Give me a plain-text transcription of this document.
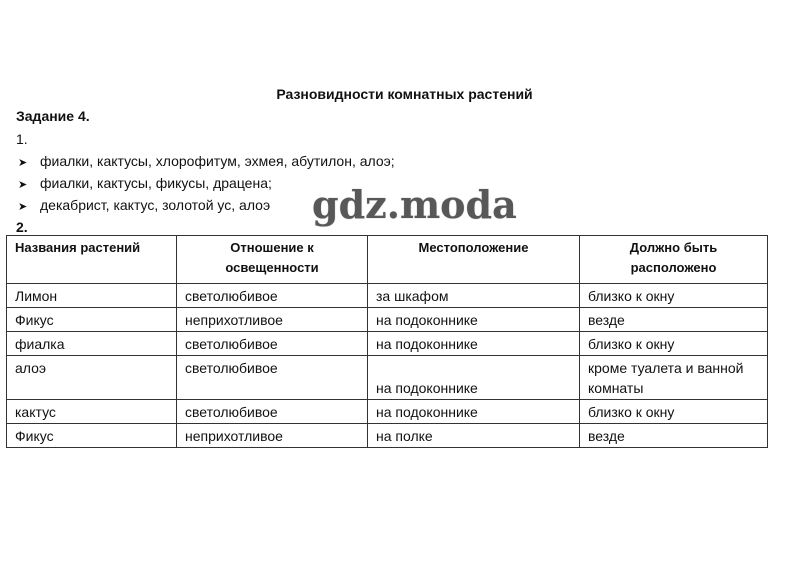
Разновидности комнатных растений
Задание 4.
1.
➤ фиалки, кактусы, хлорофитум, эхмея, абутилон, алоэ;
➤ фиалки, кактусы, фикусы, драцена;
➤ декабрист, кактус, золотой ус, алоэ
2.
Названия растений	Отношение к освещенности	Местоположение	Должно быть расположено
Лимон	светолюбивое	за шкафом	близко к окну
Фикус	неприхотливое	на подоконнике	везде
фиалка	светолюбивое	на подоконнике	близко к окну
алоэ	светолюбивое	на подоконнике	кроме туалета и ванной комнаты
кактус	светолюбивое	на подоконнике	близко к окну
Фикус	неприхотливое	на полке	везде
gdz.moda
